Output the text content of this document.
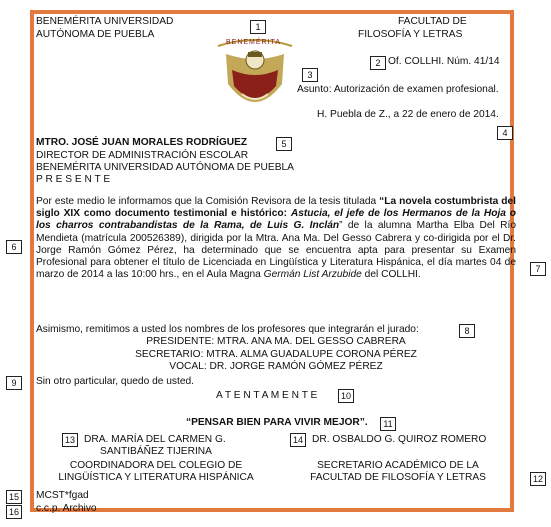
BENEMÉRITA UNIVERSIDAD
AUTÓNOMA DE PUEBLA
1
BENEMÉRITA
3
FACULTAD DE
FILOSOFÍA Y LETRAS
2 Of. COLLHI. Núm. 41/14
Asunto: Autorización de examen profesional.
H. Puebla de Z., a 22 de enero de 2014.
4
MTRO. JOSÉ JUAN MORALES RODRÍGUEZ	5
DIRECTOR DE ADMINISTRACIÓN ESCOLAR
BENEMÉRITA UNIVERSIDAD AUTÓNOMA DE PUEBLA
P R E S E N T E
6
Por este medio le informamos que la Comisión Revisora de la tesis titulada “La novela costumbrista del siglo XIX como documento testimonial e histórico: Astucia, el jefe de los Hermanos de la Hoja o los charros contrabandistas de la Rama, de Luis G. Inclán” de la alumna Martha Elba Del Río Mendieta (matrícula 200526389), dirigida por la Mtra. Ana Ma. Del Gesso Cabrera y co-dirigida por el Dr. Jorge Ramón Gómez Pérez, ha determinado que se encuentra apta para presentar su Examen Profesional para obtener el título de Licenciada en Lingüística y Literatura Hispánica, el día martes 04 de marzo de 2014 a las 10:00 hrs., en el Aula Magna Germán List Arzubide del COLLHI.
7
Asimismo, remitimos a usted los nombres de los profesores que integrarán el jurado:	8
PRESIDENTE: MTRA. ANA MA. DEL GESSO CABRERA
SECRETARIO: MTRA. ALMA GUADALUPE CORONA PÉREZ
VOCAL: DR. JORGE RAMÓN GÓMEZ PÉREZ
9	Sin otro particular, quedo de usted.
A T E N T A M E N T E	10
“PENSAR BIEN PARA VIVIR MEJOR”.	11
13 DRA. MARÍA DEL CARMEN G.
SANTIBÁÑEZ TIJERINA
COORDINADORA DEL COLEGIO DE
LINGÜÍSTICA Y LITERATURA HISPÁNICA
14 DR. OSBALDO G. QUIROZ ROMERO
SECRETARIO ACADÉMICO DE LA
FACULTAD DE FILOSOFÍA Y LETRAS	12
15 MCST*fgad
16 c.c.p. Archivo
